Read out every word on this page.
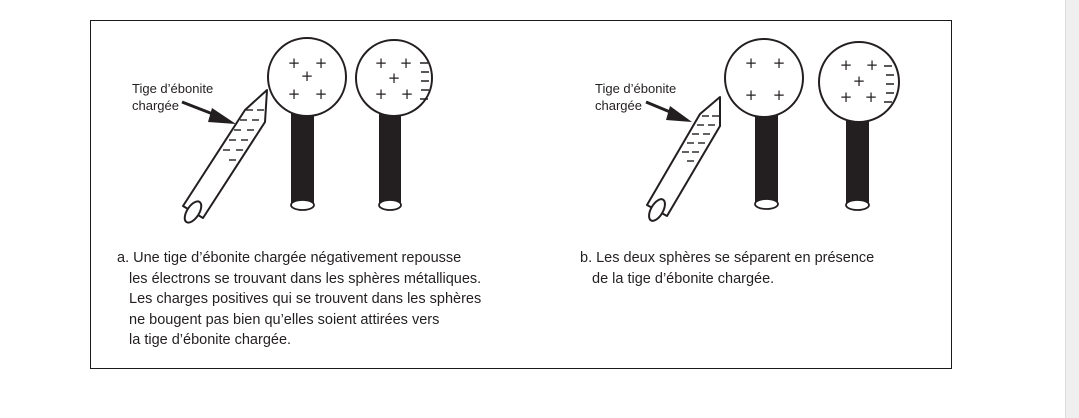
+ +
+
+ +
+ +
+
+ +
+ +
+ +
+ +
+
+ +

Tige d’ébonite
chargée

Tige d’ébonite
chargée

a. Une tige d’ébonite chargée négativement repousse
les électrons se trouvant dans les sphères métalliques.
Les charges positives qui se trouvent dans les sphères
ne bougent pas bien qu’elles soient attirées vers
la tige d’ébonite chargée.

b. Les deux sphères se séparent en présence
de la tige d’ébonite chargée.
